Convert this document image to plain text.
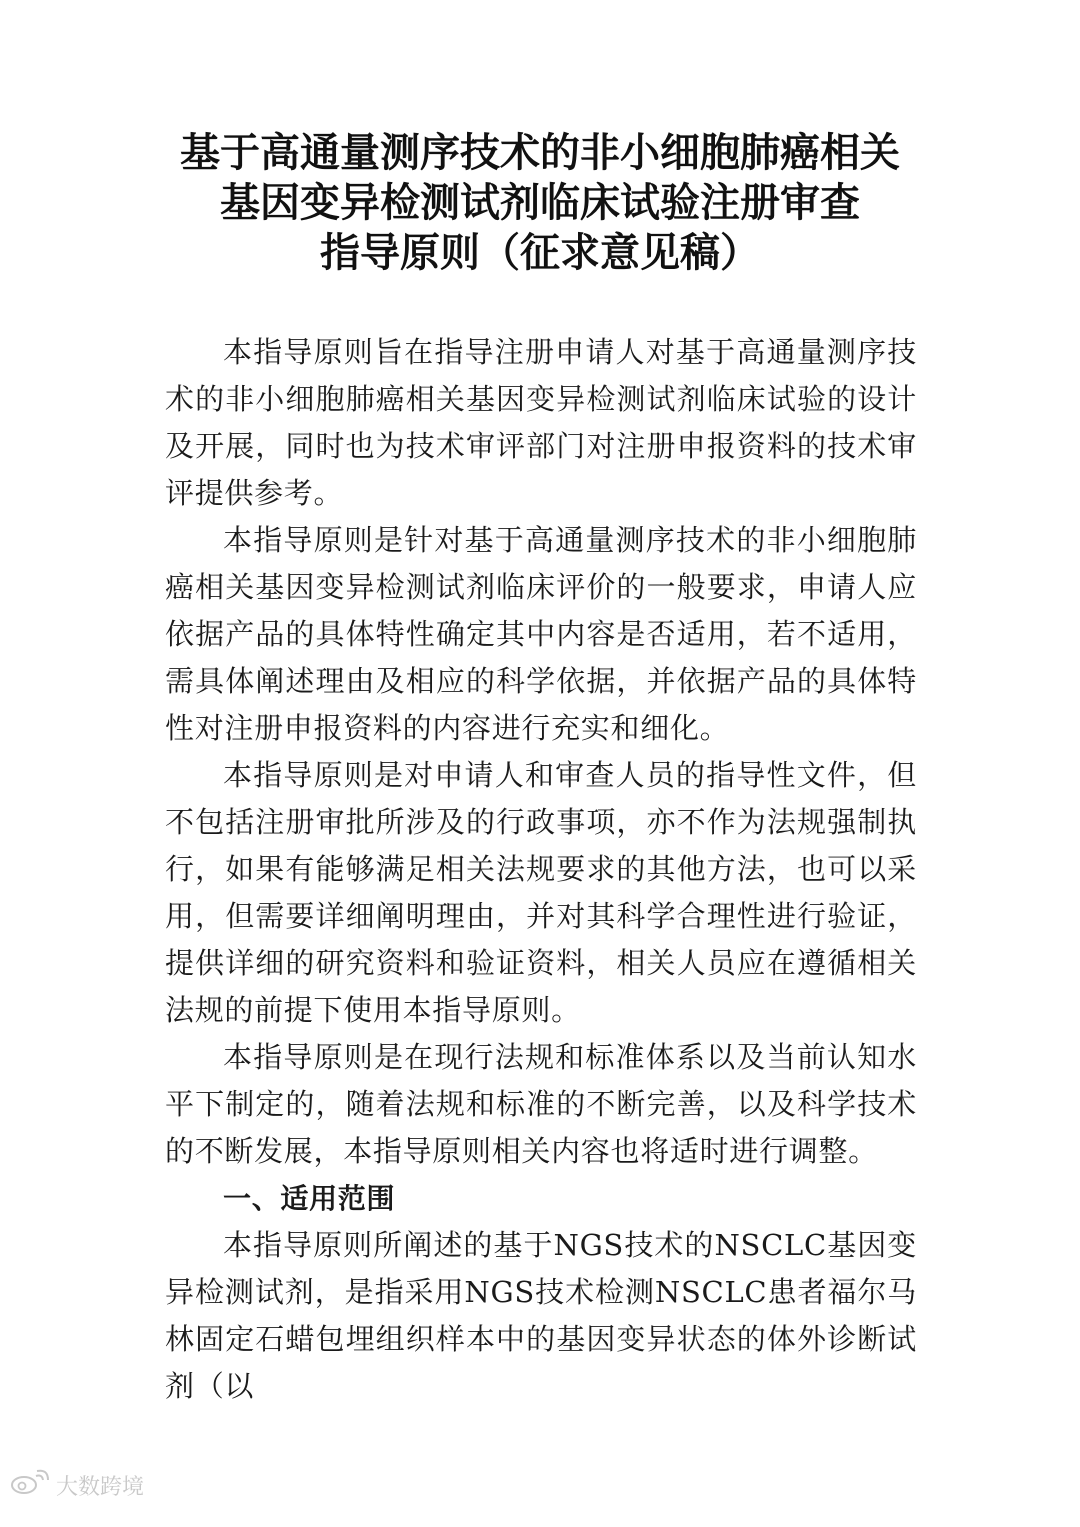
基于高通量测序技术的非小细胞肺癌相关
基因变异检测试剂临床试验注册审查
指导原则（征求意见稿）

本指导原则旨在指导注册申请人对基于高通量测序技术的非小细胞肺癌相关基因变异检测试剂临床试验的设计及开展，同时也为技术审评部门对注册申报资料的技术审评提供参考。

本指导原则是针对基于高通量测序技术的非小细胞肺癌相关基因变异检测试剂临床评价的一般要求，申请人应依据产品的具体特性确定其中内容是否适用，若不适用，需具体阐述理由及相应的科学依据，并依据产品的具体特性对注册申报资料的内容进行充实和细化。

本指导原则是对申请人和审查人员的指导性文件，但不包括注册审批所涉及的行政事项，亦不作为法规强制执行，如果有能够满足相关法规要求的其他方法，也可以采用，但需要详细阐明理由，并对其科学合理性进行验证，提供详细的研究资料和验证资料，相关人员应在遵循相关法规的前提下使用本指导原则。

本指导原则是在现行法规和标准体系以及当前认知水平下制定的，随着法规和标准的不断完善，以及科学技术的不断发展，本指导原则相关内容也将适时进行调整。

一、适用范围

本指导原则所阐述的基于NGS技术的NSCLC基因变异检测试剂，是指采用NGS技术检测NSCLC患者福尔马林固定石蜡包埋组织样本中的基因变异状态的体外诊断试剂（以

大数跨境
